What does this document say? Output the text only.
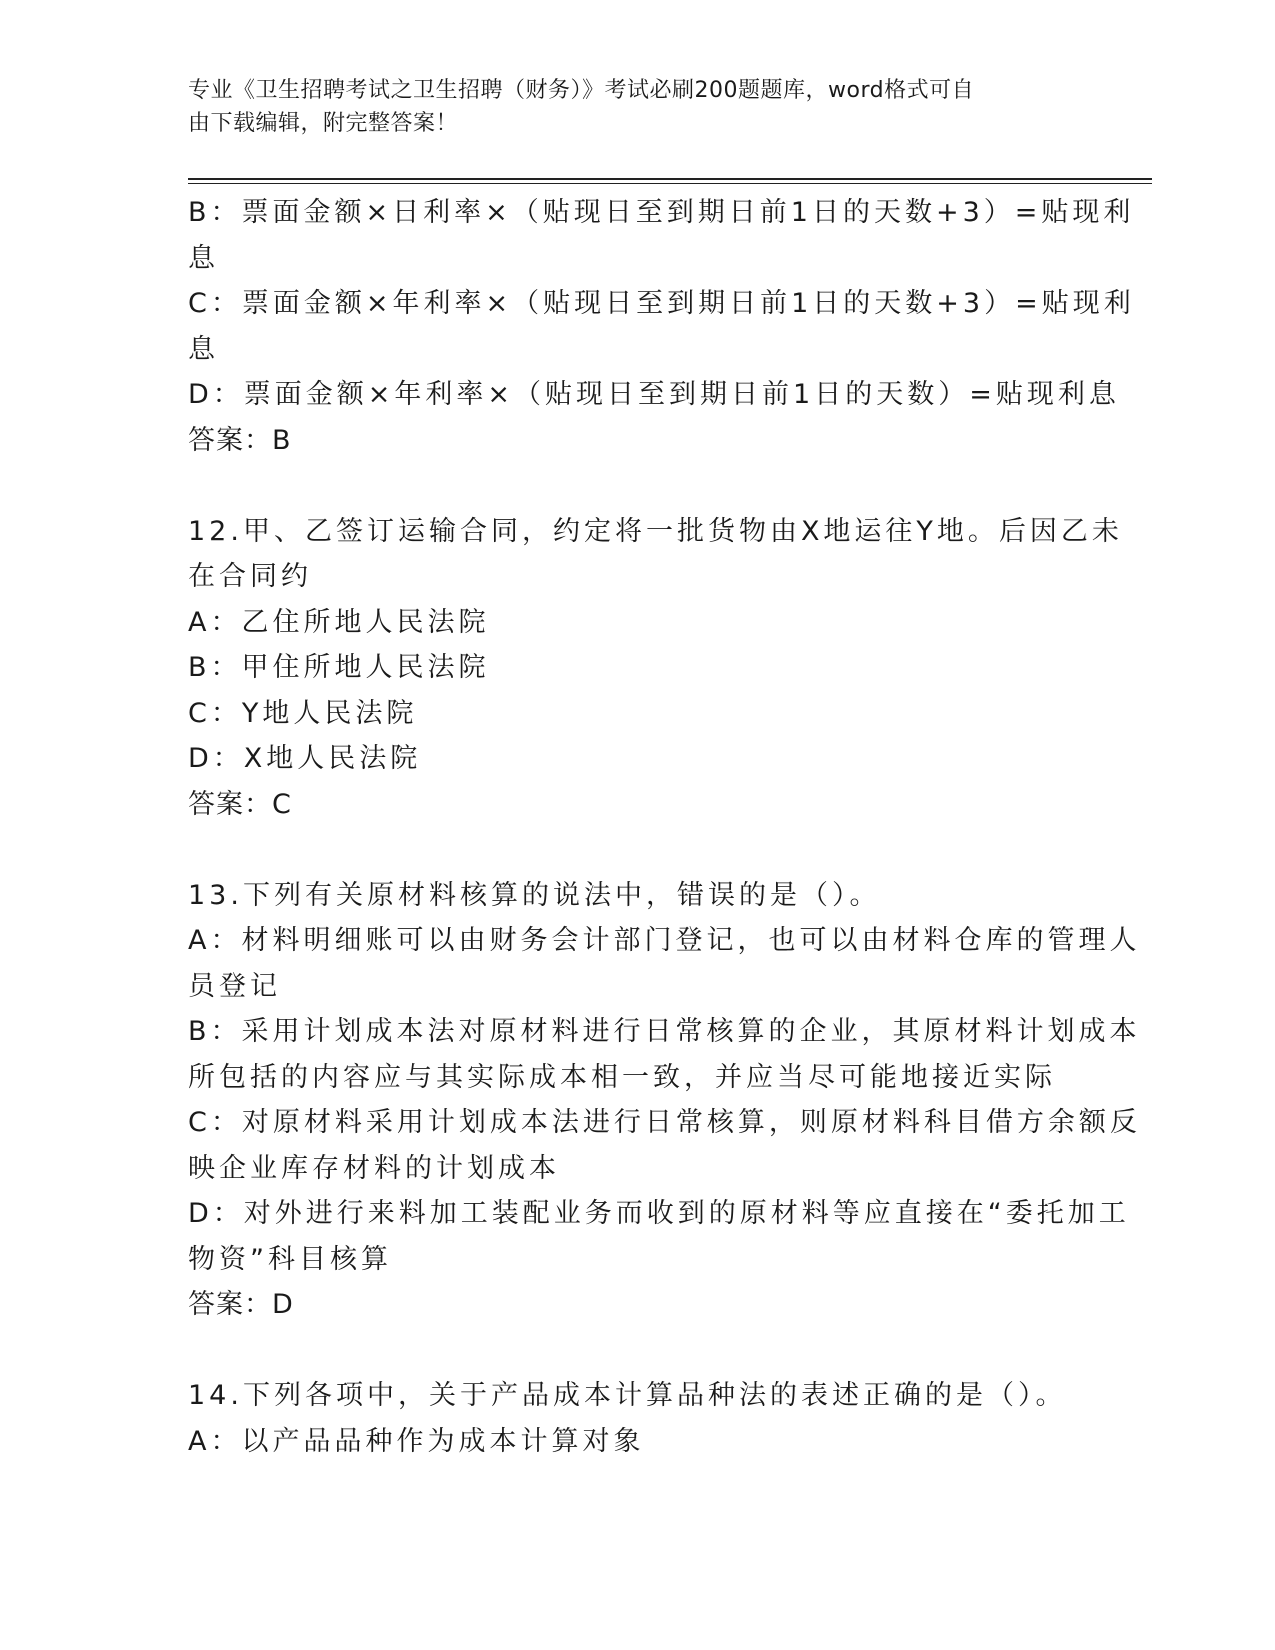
专业《卫生招聘考试之卫生招聘（财务）》考试必刷200题题库，word格式可自
由下载编辑，附完整答案！
B：票面金额×日利率×（贴现日至到期日前1日的天数+3）=贴现利
息
C：票面金额×年利率×（贴现日至到期日前1日的天数+3）=贴现利
息
D：票面金额×年利率×（贴现日至到期日前1日的天数）=贴现利息
答案：B
12.甲、乙签订运输合同，约定将一批货物由X地运往Y地。后因乙未
在合同约
A：乙住所地人民法院
B：甲住所地人民法院
C：Y地人民法院
D：X地人民法院
答案：C
13.下列有关原材料核算的说法中，错误的是（）。
A：材料明细账可以由财务会计部门登记，也可以由材料仓库的管理人
员登记
B：采用计划成本法对原材料进行日常核算的企业，其原材料计划成本
所包括的内容应与其实际成本相一致，并应当尽可能地接近实际
C：对原材料采用计划成本法进行日常核算，则原材料科目借方余额反
映企业库存材料的计划成本
D：对外进行来料加工装配业务而收到的原材料等应直接在“委托加工
物资”科目核算
答案：D
14.下列各项中，关于产品成本计算品种法的表述正确的是（）。
A：以产品品种作为成本计算对象
